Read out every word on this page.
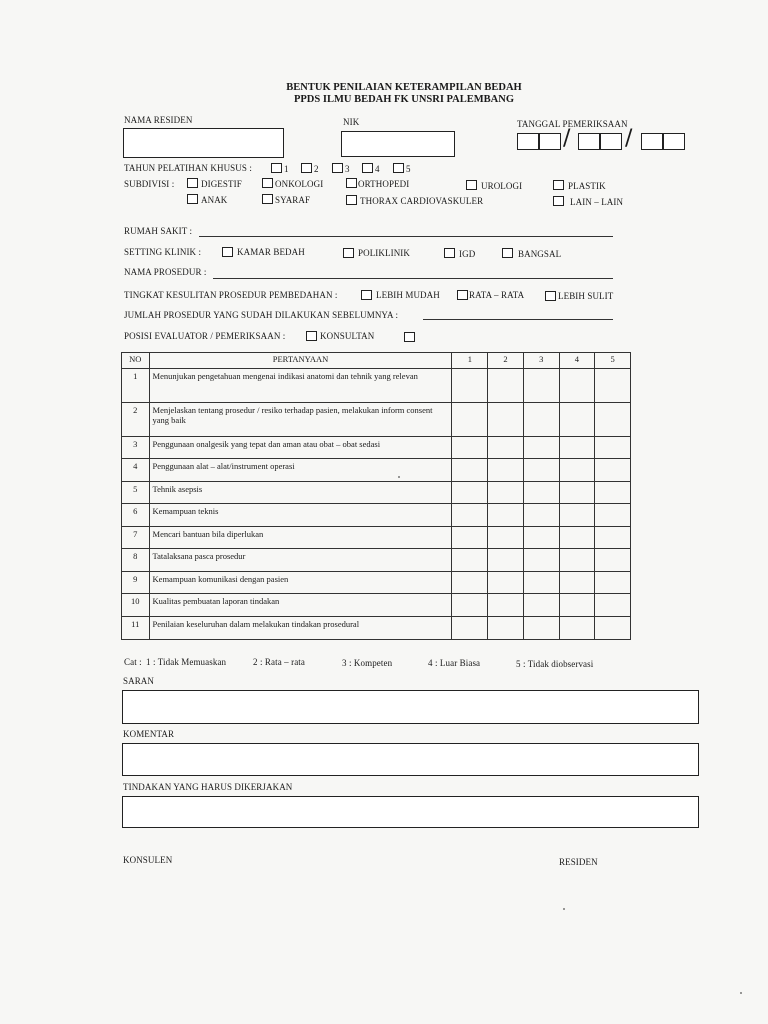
BENTUK PENILAIAN KETERAMPILAN BEDAH
PPDS ILMU BEDAH FK UNSRI PALEMBANG
NAMA RESIDEN	NIK	TANGGAL PEMERIKSAAN
/ /
TAHUN PELATIHAN KHUSUS :	1	2	3	4	5
SUBDIVISI :	DIGESTIF	ONKOLOGI	ORTHOPEDI	UROLOGI	PLASTIK
ANAK	SYARAF	THORAX CARDIOVASKULER	LAIN – LAIN
RUMAH SAKIT :
SETTING KLINIK :	KAMAR BEDAH	POLIKLINIK	IGD	BANGSAL
NAMA PROSEDUR :
TINGKAT KESULITAN PROSEDUR PEMBEDAHAN :	LEBIH MUDAH	RATA – RATA	LEBIH SULIT
JUMLAH PROSEDUR YANG SUDAH DILAKUKAN SEBELUMNYA :
POSISI EVALUATOR / PEMERIKSAAN :	KONSULTAN
NO	PERTANYAAN	1	2	3	4	5
1	Menunjukan pengetahuan mengenai indikasi anatomi dan tehnik yang relevan					
2	Menjelaskan tentang prosedur / resiko terhadap pasien, melakukan inform consent yang baik					
3	Penggunaan onalgesik yang tepat dan aman atau obat – obat sedasi					
4	Penggunaan alat – alat/instrument operasi					
5	Tehnik asepsis					
6	Kemampuan teknis					
7	Mencari bantuan bila diperlukan					
8	Tatalaksana pasca prosedur					
9	Kemampuan komunikasi dengan pasien					
10	Kualitas pembuatan laporan tindakan					
11	Penilaian keseluruhan dalam melakukan tindakan prosedural					
Cat : 1 : Tidak Memuaskan	2 : Rata – rata	3 : Kompeten	4 : Luar Biasa	5 : Tidak diobservasi
SARAN
KOMENTAR
TINDAKAN YANG HARUS DIKERJAKAN
KONSULEN	RESIDEN
